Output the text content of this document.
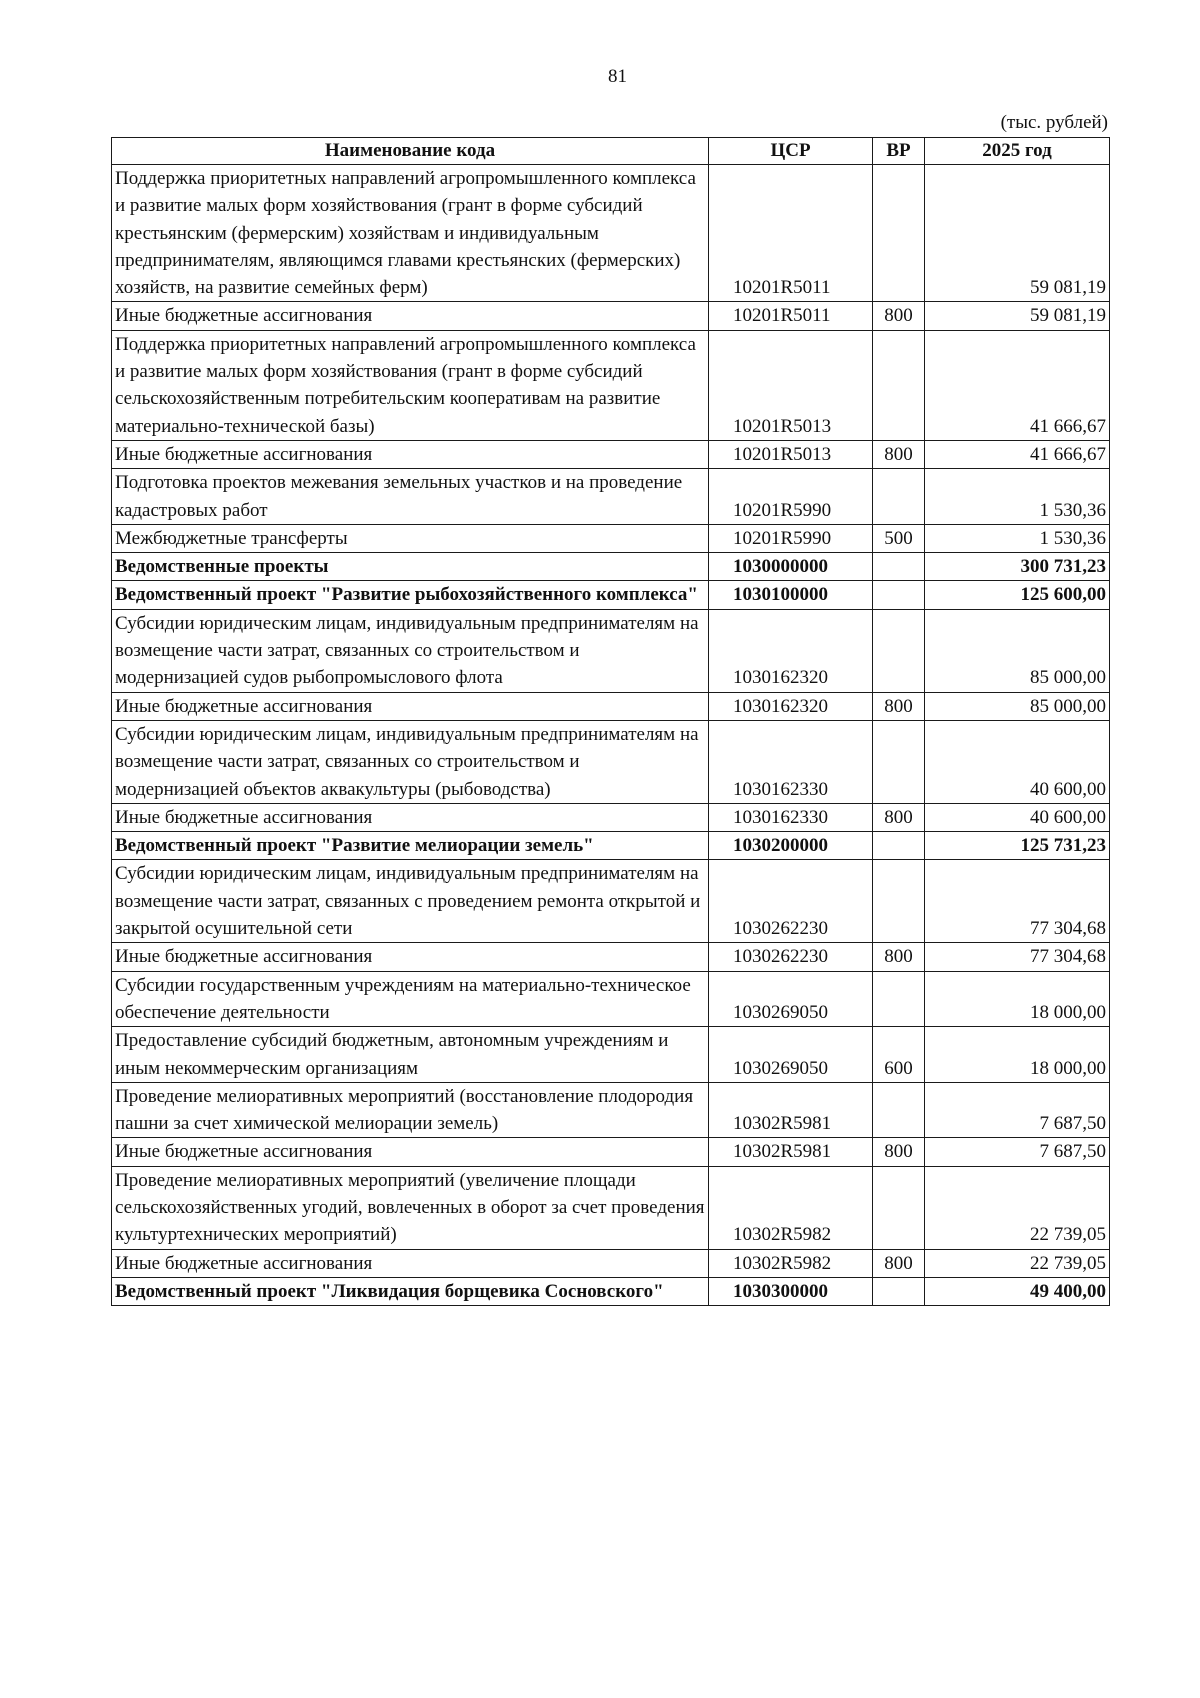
81
(тыс. рублей)
Наименование кода	ЦСР	ВР	2025 год
Поддержка приоритетных направлений агропромышленного комплекса и развитие малых форм хозяйствования (грант в форме субсидий крестьянским (фермерским) хозяйствам и индивидуальным предпринимателям, являющимся главами крестьянских (фермерских) хозяйств, на развитие семейных ферм)	10201R5011		59 081,19
Иные бюджетные ассигнования	10201R5011	800	59 081,19
Поддержка приоритетных направлений агропромышленного комплекса и развитие малых форм хозяйствования (грант в форме субсидий сельскохозяйственным потребительским кооперативам на развитие материально-технической базы)	10201R5013		41 666,67
Иные бюджетные ассигнования	10201R5013	800	41 666,67
Подготовка проектов межевания земельных участков и на проведение кадастровых работ	10201R5990		1 530,36
Межбюджетные трансферты	10201R5990	500	1 530,36
Ведомственные проекты	1030000000		300 731,23
Ведомственный проект "Развитие рыбохозяйственного комплекса"	1030100000		125 600,00
Субсидии юридическим лицам, индивидуальным предпринимателям на возмещение части затрат, связанных со строительством и модернизацией судов рыбопромыслового флота	1030162320		85 000,00
Иные бюджетные ассигнования	1030162320	800	85 000,00
Субсидии юридическим лицам, индивидуальным предпринимателям на возмещение части затрат, связанных со строительством и модернизацией объектов аквакультуры (рыбоводства)	1030162330		40 600,00
Иные бюджетные ассигнования	1030162330	800	40 600,00
Ведомственный проект "Развитие мелиорации земель"	1030200000		125 731,23
Субсидии юридическим лицам, индивидуальным предпринимателям на возмещение части затрат, связанных с проведением ремонта открытой и закрытой осушительной сети	1030262230		77 304,68
Иные бюджетные ассигнования	1030262230	800	77 304,68
Субсидии государственным учреждениям на материально-техническое обеспечение деятельности	1030269050		18 000,00
Предоставление субсидий бюджетным, автономным учреждениям и иным некоммерческим организациям	1030269050	600	18 000,00
Проведение мелиоративных мероприятий (восстановление плодородия пашни за счет химической мелиорации земель)	10302R5981		7 687,50
Иные бюджетные ассигнования	10302R5981	800	7 687,50
Проведение мелиоративных мероприятий (увеличение площади сельскохозяйственных угодий, вовлеченных в оборот за счет проведения культуртехнических мероприятий)	10302R5982		22 739,05
Иные бюджетные ассигнования	10302R5982	800	22 739,05
Ведомственный проект "Ликвидация борщевика Сосновского"	1030300000		49 400,00
